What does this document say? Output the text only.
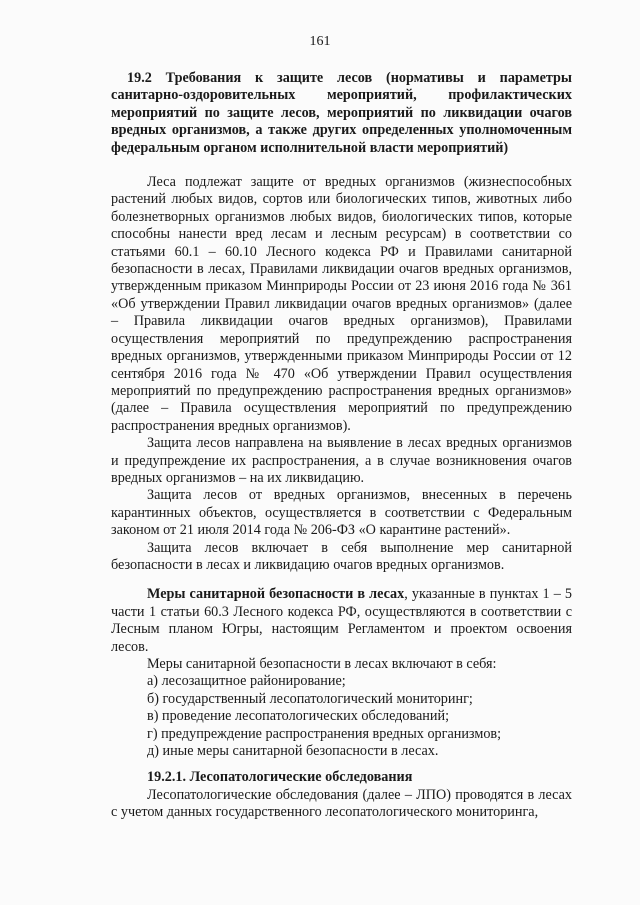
161

19.2 Требования к защите лесов (нормативы и параметры санитарно-оздоровительных мероприятий, профилактических мероприятий по защите лесов, мероприятий по ликвидации очагов вредных организмов, а также других определенных уполномоченным федеральным органом исполнительной власти мероприятий)

Леса подлежат защите от вредных организмов (жизнеспособных растений любых видов, сортов или биологических типов, животных либо болезнетворных организмов любых видов, биологических типов, которые способны нанести вред лесам и лесным ресурсам) в соответствии со статьями 60.1 – 60.10 Лесного кодекса РФ и Правилами санитарной безопасности в лесах, Правилами ликвидации очагов вредных организмов, утвержденным приказом Минприроды России от 23 июня 2016 года № 361 «Об утверждении Правил ликвидации очагов вредных организмов» (далее – Правила ликвидации очагов вредных организмов), Правилами осуществления мероприятий по предупреждению распространения вредных организмов, утвержденными приказом Минприроды России от 12 сентября 2016 года № 470 «Об утверждении Правил осуществления мероприятий по предупреждению распространения вредных организмов» (далее – Правила осуществления мероприятий по предупреждению распространения вредных организмов).

Защита лесов направлена на выявление в лесах вредных организмов и предупреждение их распространения, а в случае возникновения очагов вредных организмов – на их ликвидацию.

Защита лесов от вредных организмов, внесенных в перечень карантинных объектов, осуществляется в соответствии с Федеральным законом от 21 июля 2014 года № 206-ФЗ «О карантине растений».

Защита лесов включает в себя выполнение мер санитарной безопасности в лесах и ликвидацию очагов вредных организмов.

Меры санитарной безопасности в лесах, указанные в пунктах 1 – 5 части 1 статьи 60.3 Лесного кодекса РФ, осуществляются в соответствии с Лесным планом Югры, настоящим Регламентом и проектом освоения лесов.

Меры санитарной безопасности в лесах включают в себя:

а) лесозащитное районирование;

б) государственный лесопатологический мониторинг;

в) проведение лесопатологических обследований;

г) предупреждение распространения вредных организмов;

д) иные меры санитарной безопасности в лесах.

19.2.1. Лесопатологические обследования

Лесопатологические обследования (далее – ЛПО) проводятся в лесах с учетом данных государственного лесопатологического мониторинга,
